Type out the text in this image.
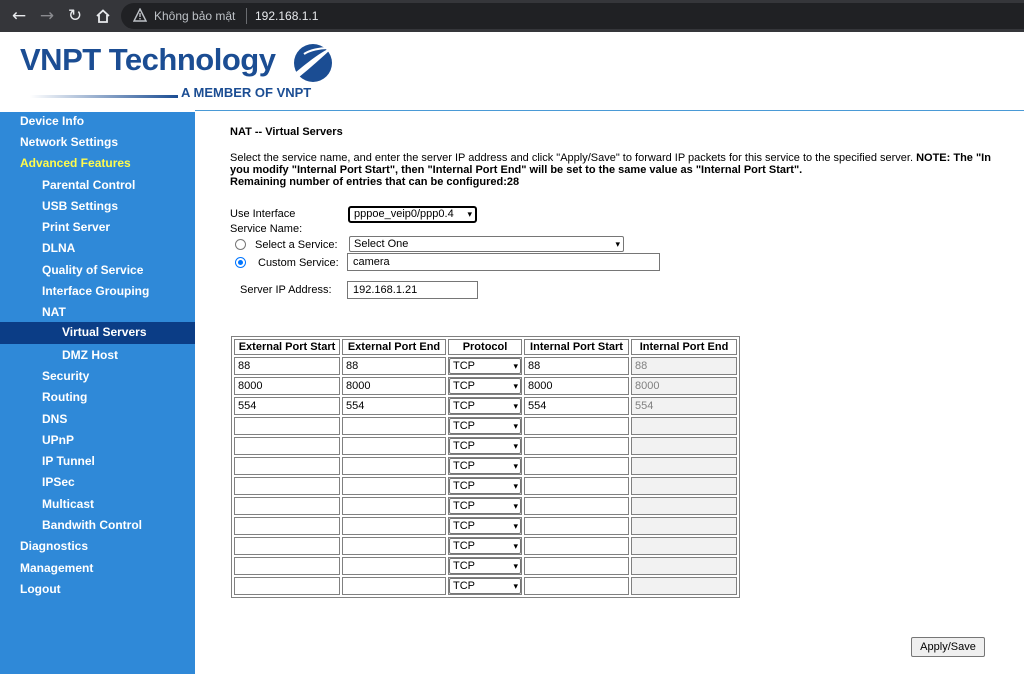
← → ↻	Không bảo mật 192.168.1.1
VNPT Technology
A MEMBER OF VNPT
Device Info
Network Settings
Advanced Features
Parental Control
USB Settings
Print Server
DLNA
Quality of Service
Interface Grouping
NAT
Virtual Servers
DMZ Host
Security
Routing
DNS
UPnP
IP Tunnel
IPSec
Multicast
Bandwith Control
Diagnostics
Management
Logout
NAT -- Virtual Servers
Select the service name, and enter the server IP address and click "Apply/Save" to forward IP packets for this service to the specified server. NOTE: The "In
you modify "Internal Port Start", then "Internal Port End" will be set to the same value as "Internal Port Start".
Remaining number of entries that can be configured:28
Use Interface	pppoe_veip0/ppp0.4 ▾
Service Name:
Select a Service:	Select One	▾
Custom Service:	camera
Server IP Address:	192.168.1.21
External Port Start	External Port End	Protocol	Internal Port Start	Internal Port End

88	88	TCP ▾	88	88

8000	8000	TCP ▾	8000	8000

554	554	TCP ▾	554	554

		TCP ▾		

		TCP ▾		

		TCP ▾		

		TCP ▾		

		TCP ▾		

		TCP ▾		

		TCP ▾		

		TCP ▾		

		TCP ▾		

Apply/Save
